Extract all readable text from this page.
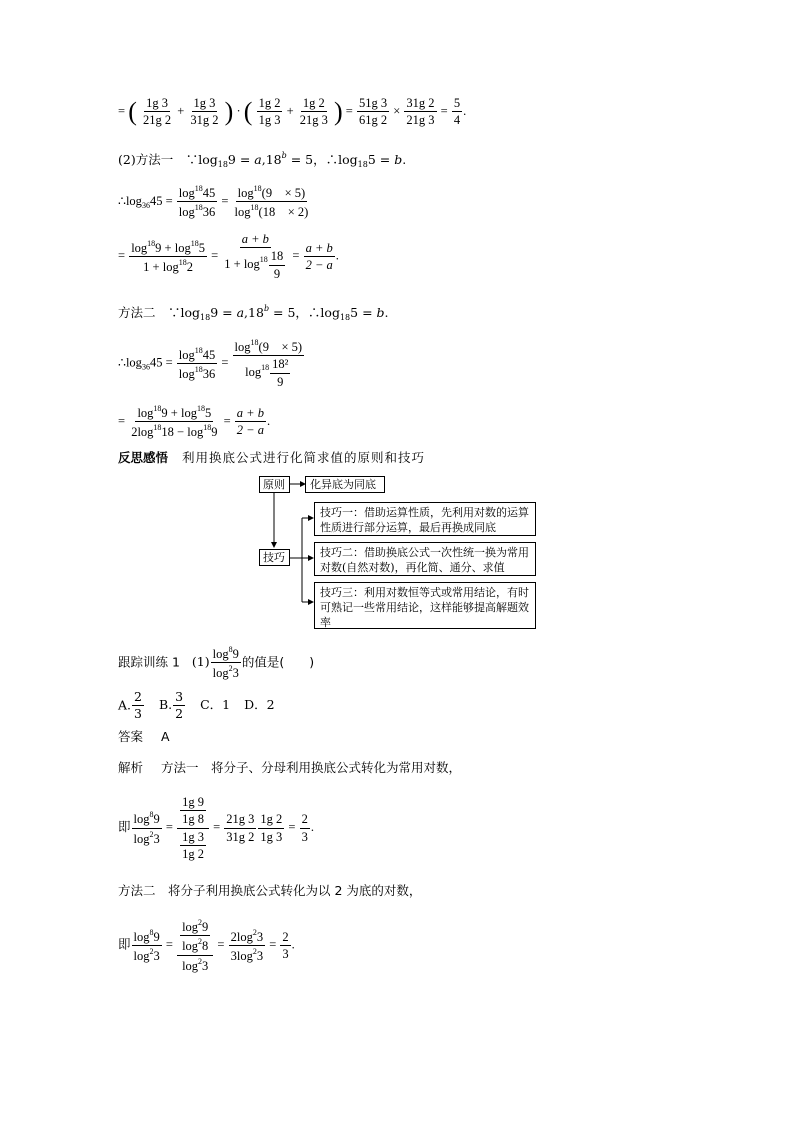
= ( $\frac{1g 3}{21g 2} + \frac{1g 3}{31g 2}$ ) · ( $\frac{1g 2}{1g 3} + \frac{1g 2}{21g 3}$ ) = $\frac{51g 3}{61g 2} \times \frac{31g 2}{21g 3} = \frac{5}{4}$ .
(2)方法一　$\because\log_{18}9 = a,18^b = 5$，$\therefore\log_{18}5 = b$.
$\therefore\log_{36}45 = \frac{\log^{18}45}{\log^{18}36} = \frac{\log^{18}(9 \times 5)}{\log^{18}(18 \times 2)}$
= $\frac{\log^{18}9 + \log^{18}5}{1 + \log^{18}2} = \frac{a + b}{1 + \log^{18} \frac{18}{9}} = \frac{a + b}{2 - a}$ .
方法二　$\because\log_{18}9 = a,18^b = 5$，$\therefore\log_{18}5 = b$.
$\therefore\log_{36}45 = \frac{\log^{18}45}{\log^{18}36} = \frac{\log^{18}(9 \times 5)}{\log^{18} \frac{\text{18²}}{9}}$
= $\frac{\log^{18}9 + \log^{18}5}{2\log^{18}18 - \log^{18}9} = \frac{a + b}{2 - a}$ .
反思感悟 利用换底公式进行化简求值的原则和技巧
原则	化异底为同底
技巧
技巧一：借助运算性质，先利用对数的运算性质进行部分运算，最后再换成同底
技巧二：借助换底公式一次性统一换为常用对数(自然对数)，再化简、通分、求值
技巧三：利用对数恒等式或常用结论，有时可熟记一些常用结论，这样能够提高解题效率
跟踪训练 1 $(1) \frac{\log^89}{\log^23}$ 的值是(　　)
A. $\frac{2}{3} B$. $\frac{3}{2}$ C．1 D．2
答案 A
解析 方法一　将分子、分母利用换底公式转化为常用对数，
即 $\frac{\log^89}{\log^23} = \frac{\frac{1g 9}{1g 8}}{\frac{1g 3}{1g 2}} = \frac{21g 3}{31g 2} \frac{1g 2}{1g 3} = \frac{2}{3}$ .
方法二　将分子利用换底公式转化为以 2 为底的对数，
即 $\frac{\log^89}{\log^23} = \frac{\frac{\log^29}{\log^28}}{\log^23} = \frac{2\log^23}{3\log^23} = \frac{2}{3}$ .
